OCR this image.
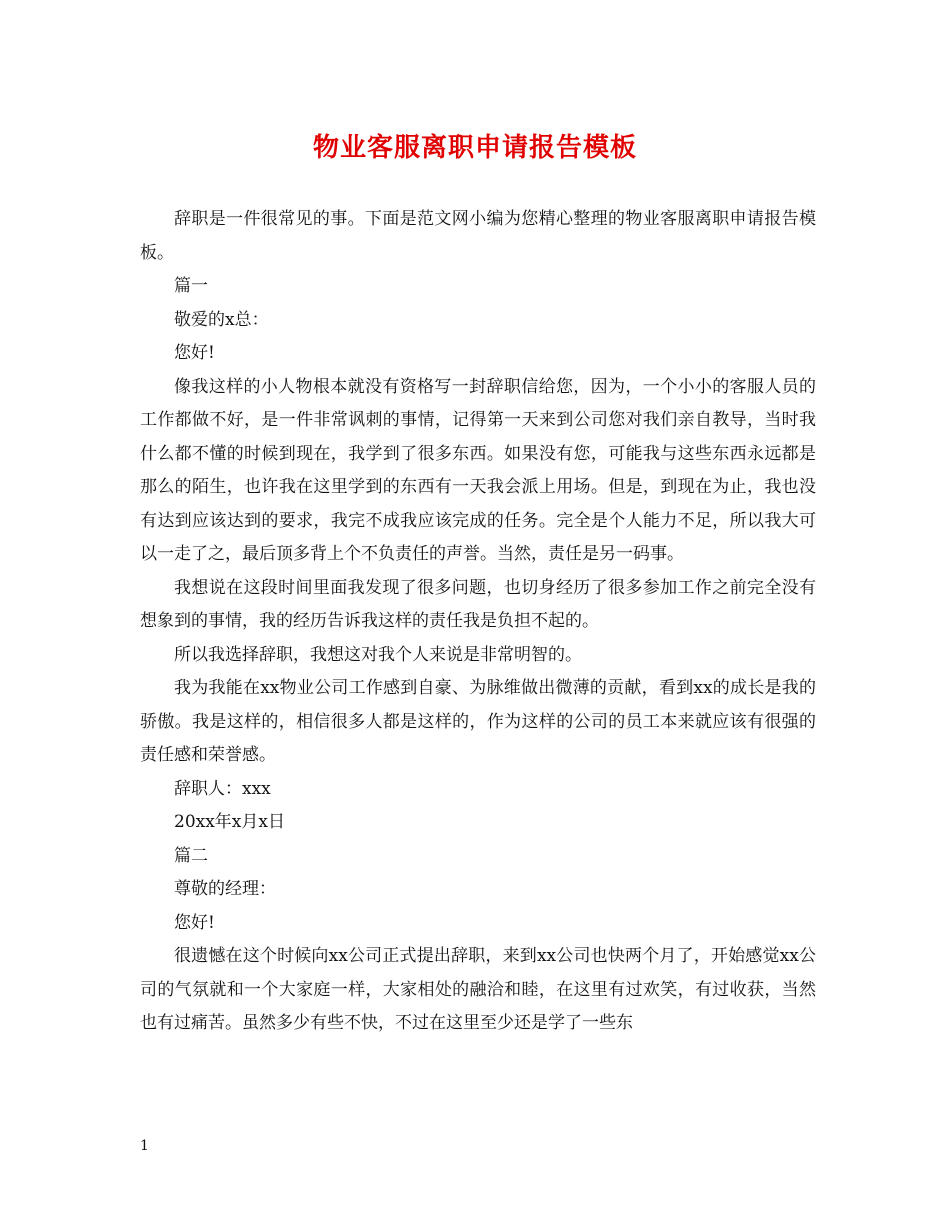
物业客服离职申请报告模板

辞职是一件很常见的事。下面是范文网小编为您精心整理的物业客服离职申请报告模板。

篇一

敬爱的x总：

您好!

像我这样的小人物根本就没有资格写一封辞职信给您，因为，一个小小的客服人员的工作都做不好，是一件非常讽刺的事情，记得第一天来到公司您对我们亲自教导，当时我什么都不懂的时候到现在，我学到了很多东西。如果没有您，可能我与这些东西永远都是那么的陌生，也许我在这里学到的东西有一天我会派上用场。但是，到现在为止，我也没有达到应该达到的要求，我完不成我应该完成的任务。完全是个人能力不足，所以我大可以一走了之，最后顶多背上个不负责任的声誉。当然，责任是另一码事。

我想说在这段时间里面我发现了很多问题，也切身经历了很多参加工作之前完全没有想象到的事情，我的经历告诉我这样的责任我是负担不起的。

所以我选择辞职，我想这对我个人来说是非常明智的。

我为我能在xx物业公司工作感到自豪、为脉维做出微薄的贡献，看到xx的成长是我的骄傲。我是这样的，相信很多人都是这样的，作为这样的公司的员工本来就应该有很强的责任感和荣誉感。

辞职人：xxx

20xx年x月x日

篇二

尊敬的经理：

您好!

很遗憾在这个时候向xx公司正式提出辞职，来到xx公司也快两个月了，开始感觉xx公司的气氛就和一个大家庭一样，大家相处的融洽和睦，在这里有过欢笑，有过收获，当然也有过痛苦。虽然多少有些不快，不过在这里至少还是学了一些东

1
